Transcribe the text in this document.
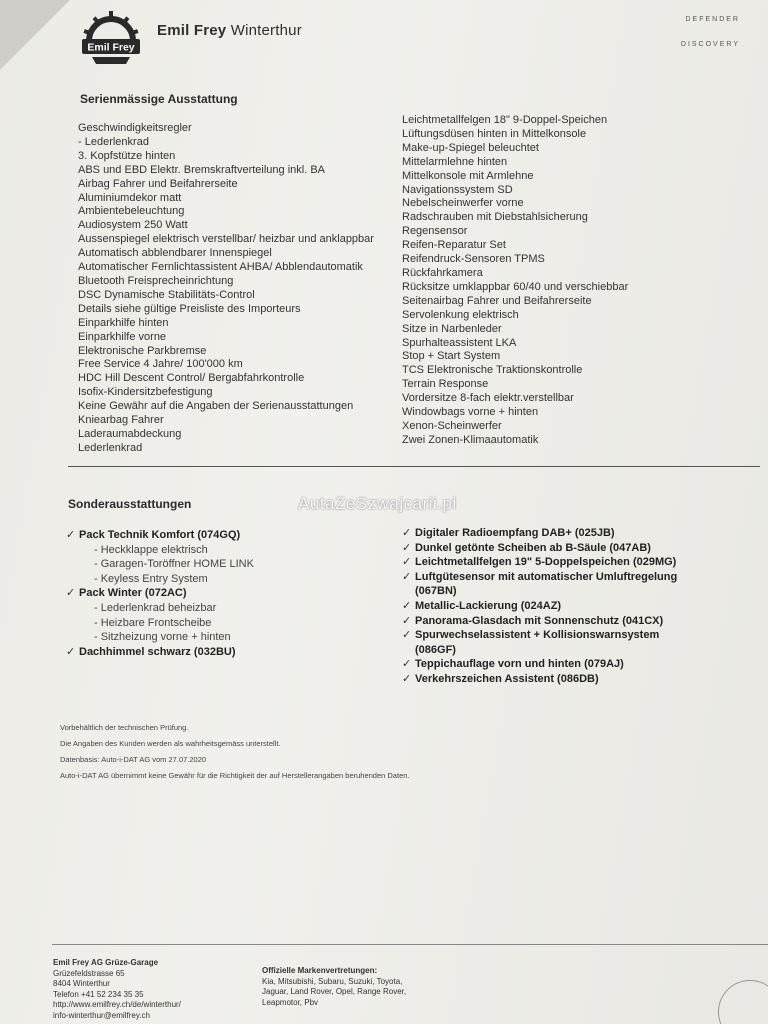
Emil Frey
Emil Frey Winterthur
DEFENDER
DISCOVERY
Serienmässige Ausstattung
Geschwindigkeitsregler
- Lederlenkrad
3. Kopfstütze hinten
ABS und EBD Elektr. Bremskraftverteilung inkl. BA
Airbag Fahrer und Beifahrerseite
Aluminiumdekor matt
Ambientebeleuchtung
Audiosystem 250 Watt
Aussenspiegel elektrisch verstellbar/ heizbar und anklappbar
Automatisch abblendbarer Innenspiegel
Automatischer Fernlichtassistent AHBA/ Abblendautomatik
Bluetooth Freisprecheinrichtung
DSC Dynamische Stabilitäts-Control
Details siehe gültige Preisliste des Importeurs
Einparkhilfe hinten
Einparkhilfe vorne
Elektronische Parkbremse
Free Service 4 Jahre/ 100'000 km
HDC Hill Descent Control/ Bergabfahrkontrolle
Isofix-Kindersitzbefestigung
Keine Gewähr auf die Angaben der Serienausstattungen
Kniearbag Fahrer
Laderaumabdeckung
Lederlenkrad
Leichtmetallfelgen 18" 9-Doppel-Speichen
Lüftungsdüsen hinten in Mittelkonsole
Make-up-Spiegel beleuchtet
Mittelarmlehne hinten
Mittelkonsole mit Armlehne
Navigationssystem SD
Nebelscheinwerfer vorne
Radschrauben mit Diebstahlsicherung
Regensensor
Reifen-Reparatur Set
Reifendruck-Sensoren TPMS
Rückfahrkamera
Rücksitze umklappbar 60/40 und verschiebbar
Seitenairbag Fahrer und Beifahrerseite
Servolenkung elektrisch
Sitze in Narbenleder
Spurhalteassistent LKA
Stop + Start System
TCS Elektronische Traktionskontrolle
Terrain Response
Vordersitze 8-fach elektr.verstellbar
Windowbags vorne + hinten
Xenon-Scheinwerfer
Zwei Zonen-Klimaautomatik
Sonderausstattungen	AutaZeSzwajcarii.pl
✓ Pack Technik Komfort (074GQ)
- Heckklappe elektrisch
- Garagen-Toröffner HOME LINK
- Keyless Entry System
✓ Pack Winter (072AC)
- Lederlenkrad beheizbar
- Heizbare Frontscheibe
- Sitzheizung vorne + hinten
✓ Dachhimmel schwarz (032BU)
✓ Digitaler Radioempfang DAB+ (025JB)
✓ Dunkel getönte Scheiben ab B-Säule (047AB)
✓ Leichtmetallfelgen 19" 5-Doppelspeichen (029MG)
✓ Luftgütesensor mit automatischer Umluftregelung
(067BN)
✓ Metallic-Lackierung (024AZ)
✓ Panorama-Glasdach mit Sonnenschutz (041CX)
✓ Spurwechselassistent + Kollisionswarnsystem
(086GF)
✓ Teppichauflage vorn und hinten (079AJ)
✓ Verkehrszeichen Assistent (086DB)
Vorbehältlich der technischen Prüfung.
Die Angaben des Kunden werden als wahrheitsgemäss unterstellt.
Datenbasis: Auto-i-DAT AG vom 27.07.2020
Auto-i-DAT AG übernimmt keine Gewähr für die Richtigkeit der auf Herstellerangaben beruhenden Daten.
Emil Frey AG Grüze-Garage
Grüzefeldstrasse 65
8404 Winterthur
Telefon +41 52 234 35 35
http://www.emilfrey.ch/de/winterthur/
info-winterthur@emilfrey.ch
Offizielle Markenvertretungen:
Kia, Mitsubishi, Subaru, Suzuki, Toyota,
Jaguar, Land Rover, Opel, Range Rover,
Leapmotor, Pbv
